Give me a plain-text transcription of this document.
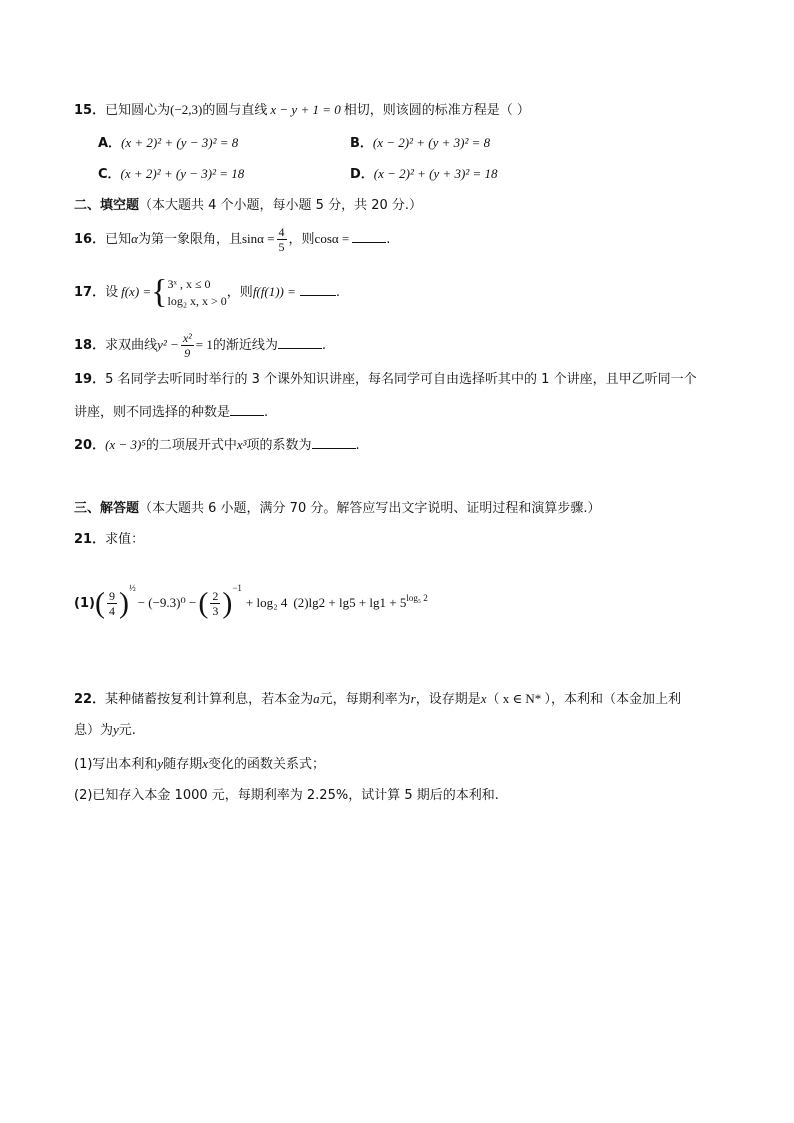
15．已知圆心为(−2,3)的圆与直线 x − y + 1 = 0 相切，则该圆的标准方程是（ ）
A．(x + 2)² + (y − 3)² = 8	B．(x − 2)² + (y + 3)² = 8
C．(x + 2)² + (y − 3)² = 18	D．(x − 2)² + (y + 3)² = 18
二、填空题（本大题共 4 个小题，每小题 5 分，共 20 分.）
16．已知α为第一象限角，且$\sin\alpha = \frac{4}{5}$ ，则cosα =	.
17．设 f(x) ={ 3ˣ , x ≤ 0
log₂ x, x > 0
，则f(f(1)) =	.
18．求双曲线$y^2 - \frac{\text{x²}}{9} = 1$的渐近线为	.
19．5 名同学去听同时举行的 3 个课外知识讲座，每名同学可自由选择听其中的 1 个讲座，且甲乙听同一个
讲座，则不同选择的种数是	.
20．(x − 3)⁵的二项展开式中x³项的系数为	.
三、解答题（本大题共 6 小题，满分 70 分。解答应写出文字说明、证明过程和演算步骤.）
21．求值：
$(1)( \frac{9}{4} )^{\frac{1}{2}}- (-9.3)^0$ −( $\frac{2}{3} )^{-1}+ \log_2$ 4 $(2)\lg 2 + \lg 5 + \lg 1 + 5^{log_5 2}$
22．某种储蓄按复利计算利息，若本金为a元，每期利率为r，设存期是x（ x ∈ N* ），本利和（本金加上利
息）为y元.
(1)写出本利和y随存期x变化的函数关系式；
(2)已知存入本金 1000 元，每期利率为 2.25%，试计算 5 期后的本利和.
